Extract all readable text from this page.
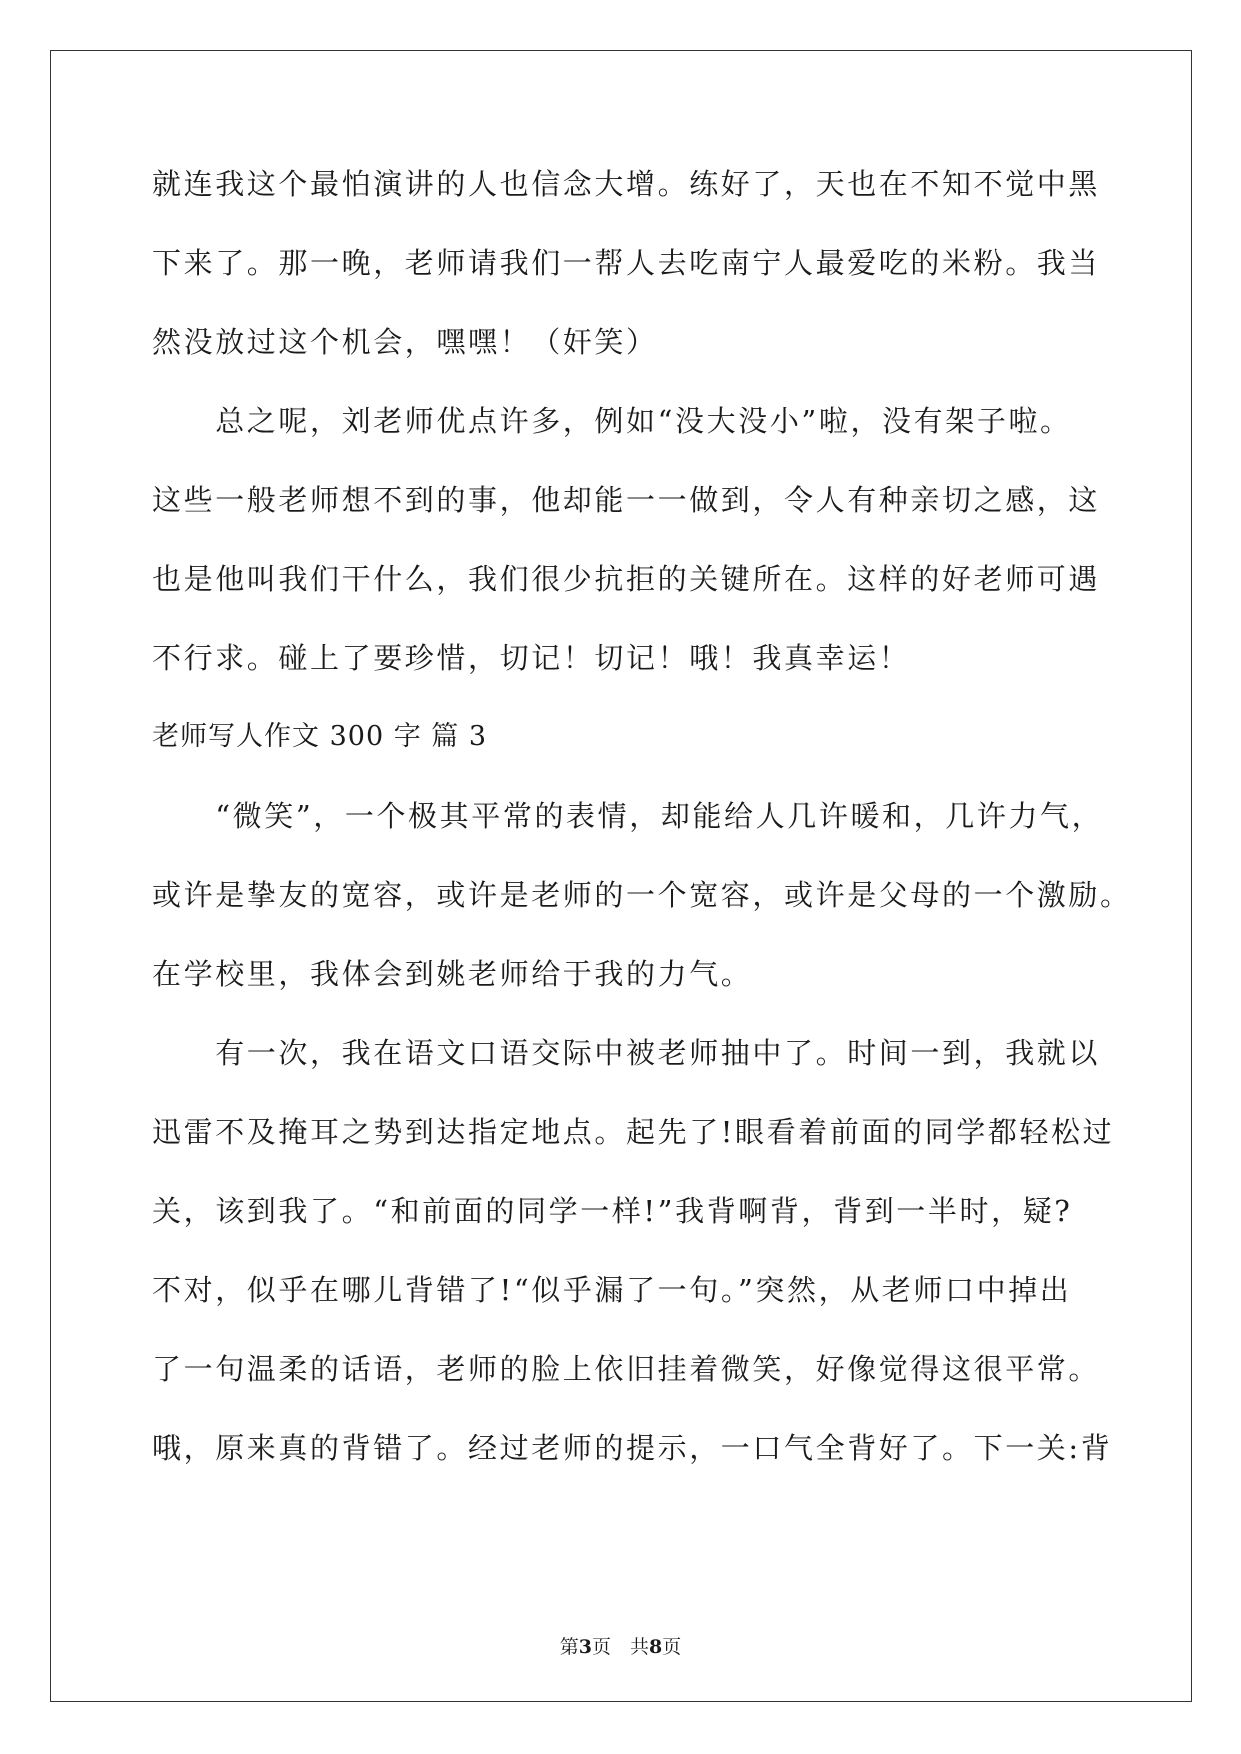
就连我这个最怕演讲的人也信念大增。练好了，天也在不知不觉中黑
下来了。那一晚，老师请我们一帮人去吃南宁人最爱吃的米粉。我当
然没放过这个机会，嘿嘿！（奸笑）
　　总之呢，刘老师优点许多，例如“没大没小”啦，没有架子啦。
这些一般老师想不到的事，他却能一一做到，令人有种亲切之感，这
也是他叫我们干什么，我们很少抗拒的关键所在。这样的好老师可遇
不行求。碰上了要珍惜，切记！切记！哦！我真幸运！
老师写人作文 300 字 篇 3
　　“微笑”，一个极其平常的表情，却能给人几许暖和，几许力气，
或许是挚友的宽容，或许是老师的一个宽容，或许是父母的一个激励。
在学校里，我体会到姚老师给于我的力气。
　　有一次，我在语文口语交际中被老师抽中了。时间一到，我就以
迅雷不及掩耳之势到达指定地点。起先了!眼看着前面的同学都轻松过
关，该到我了。“和前面的同学一样!”我背啊背，背到一半时，疑?
不对，似乎在哪儿背错了!“似乎漏了一句。”突然，从老师口中掉出
了一句温柔的话语，老师的脸上依旧挂着微笑，好像觉得这很平常。
哦，原来真的背错了。经过老师的提示，一口气全背好了。下一关:背
第3页　共8页
